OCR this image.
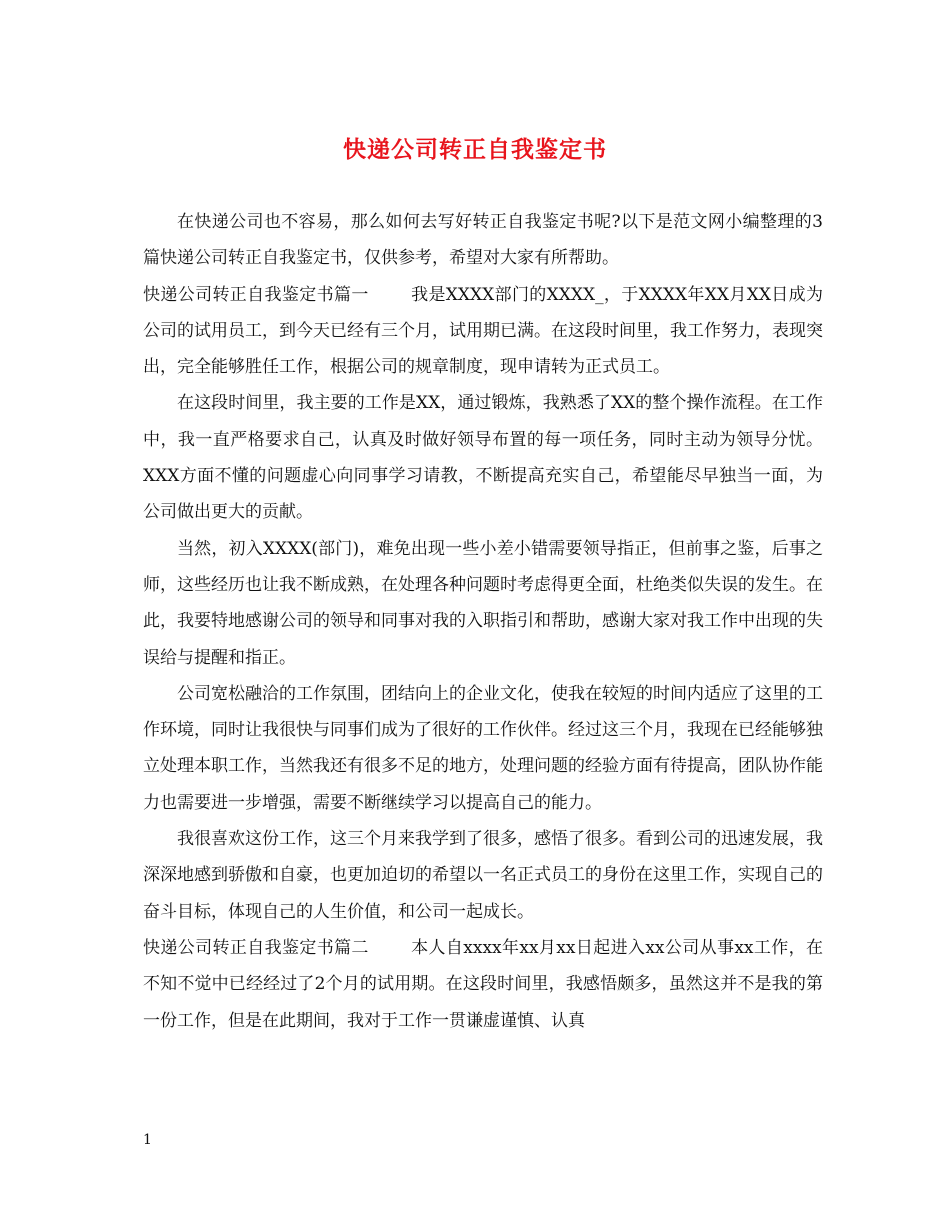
快递公司转正自我鉴定书

在快递公司也不容易，那么如何去写好转正自我鉴定书呢?以下是范文网小编整理的3篇快递公司转正自我鉴定书，仅供参考，希望对大家有所帮助。

快递公司转正自我鉴定书篇一 我是XXXX部门的XXXX_，于XXXX年XX月XX日成为公司的试用员工，到今天已经有三个月，试用期已满。在这段时间里，我工作努力，表现突出，完全能够胜任工作，根据公司的规章制度，现申请转为正式员工。

在这段时间里，我主要的工作是XX，通过锻炼，我熟悉了XX的整个操作流程。在工作中，我一直严格要求自己，认真及时做好领导布置的每一项任务，同时主动为领导分忧。XXX方面不懂的问题虚心向同事学习请教，不断提高充实自己，希望能尽早独当一面，为公司做出更大的贡献。

当然，初入XXXX(部门)，难免出现一些小差小错需要领导指正，但前事之鉴，后事之师，这些经历也让我不断成熟，在处理各种问题时考虑得更全面，杜绝类似失误的发生。在此，我要特地感谢公司的领导和同事对我的入职指引和帮助，感谢大家对我工作中出现的失误给与提醒和指正。

公司宽松融洽的工作氛围，团结向上的企业文化，使我在较短的时间内适应了这里的工作环境，同时让我很快与同事们成为了很好的工作伙伴。经过这三个月，我现在已经能够独立处理本职工作，当然我还有很多不足的地方，处理问题的经验方面有待提高，团队协作能力也需要进一步增强，需要不断继续学习以提高自己的能力。

我很喜欢这份工作，这三个月来我学到了很多，感悟了很多。看到公司的迅速发展，我深深地感到骄傲和自豪，也更加迫切的希望以一名正式员工的身份在这里工作，实现自己的奋斗目标，体现自己的人生价值，和公司一起成长。

快递公司转正自我鉴定书篇二 本人自xxxx年xx月xx日起进入xx公司从事xx工作，在不知不觉中已经经过了2个月的试用期。在这段时间里，我感悟颇多，虽然这并不是我的第一份工作，但是在此期间，我对于工作一贯谦虚谨慎、认真

1
